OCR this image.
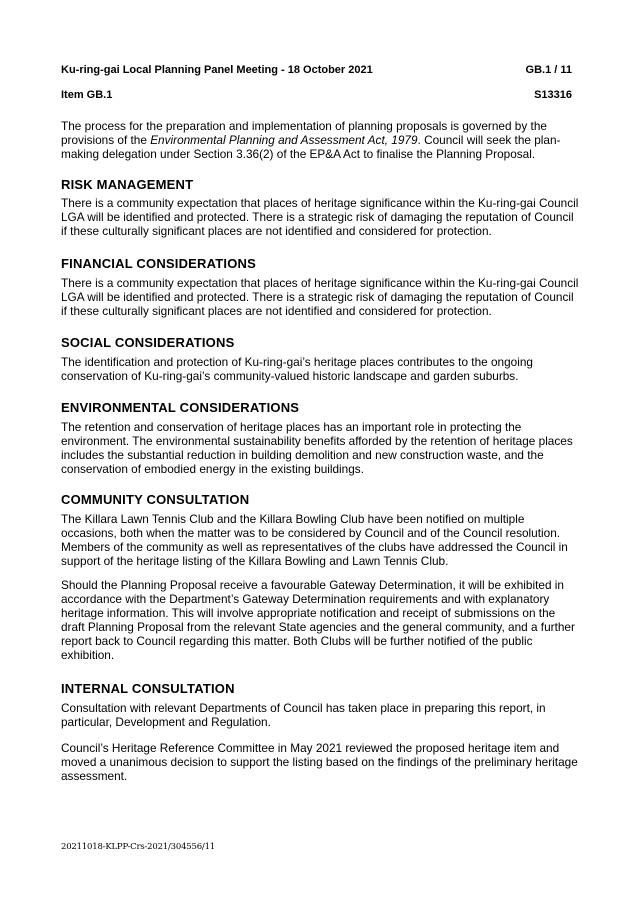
Ku-ring-gai Local Planning Panel Meeting - 18 October 2021	GB.1 / 11
Item GB.1	S13316
The process for the preparation and implementation of planning proposals is governed by the provisions of the Environmental Planning and Assessment Act, 1979. Council will seek the plan-making delegation under Section 3.36(2) of the EP&A Act to finalise the Planning Proposal.
RISK MANAGEMENT
There is a community expectation that places of heritage significance within the Ku-ring-gai Council LGA will be identified and protected. There is a strategic risk of damaging the reputation of Council if these culturally significant places are not identified and considered for protection.
FINANCIAL CONSIDERATIONS
There is a community expectation that places of heritage significance within the Ku-ring-gai Council LGA will be identified and protected. There is a strategic risk of damaging the reputation of Council if these culturally significant places are not identified and considered for protection.
SOCIAL CONSIDERATIONS
The identification and protection of Ku-ring-gai’s heritage places contributes to the ongoing conservation of Ku-ring-gai’s community-valued historic landscape and garden suburbs.
ENVIRONMENTAL CONSIDERATIONS
The retention and conservation of heritage places has an important role in protecting the environment. The environmental sustainability benefits afforded by the retention of heritage places includes the substantial reduction in building demolition and new construction waste, and the conservation of embodied energy in the existing buildings.
COMMUNITY CONSULTATION
The Killara Lawn Tennis Club and the Killara Bowling Club have been notified on multiple occasions, both when the matter was to be considered by Council and of the Council resolution. Members of the community as well as representatives of the clubs have addressed the Council in support of the heritage listing of the Killara Bowling and Lawn Tennis Club.
Should the Planning Proposal receive a favourable Gateway Determination, it will be exhibited in accordance with the Department’s Gateway Determination requirements and with explanatory heritage information. This will involve appropriate notification and receipt of submissions on the draft Planning Proposal from the relevant State agencies and the general community, and a further report back to Council regarding this matter. Both Clubs will be further notified of the public exhibition.
INTERNAL CONSULTATION
Consultation with relevant Departments of Council has taken place in preparing this report, in particular, Development and Regulation.
Council’s Heritage Reference Committee in May 2021 reviewed the proposed heritage item and moved a unanimous decision to support the listing based on the findings of the preliminary heritage assessment.
20211018-KLPP-Crs-2021/304556/11
